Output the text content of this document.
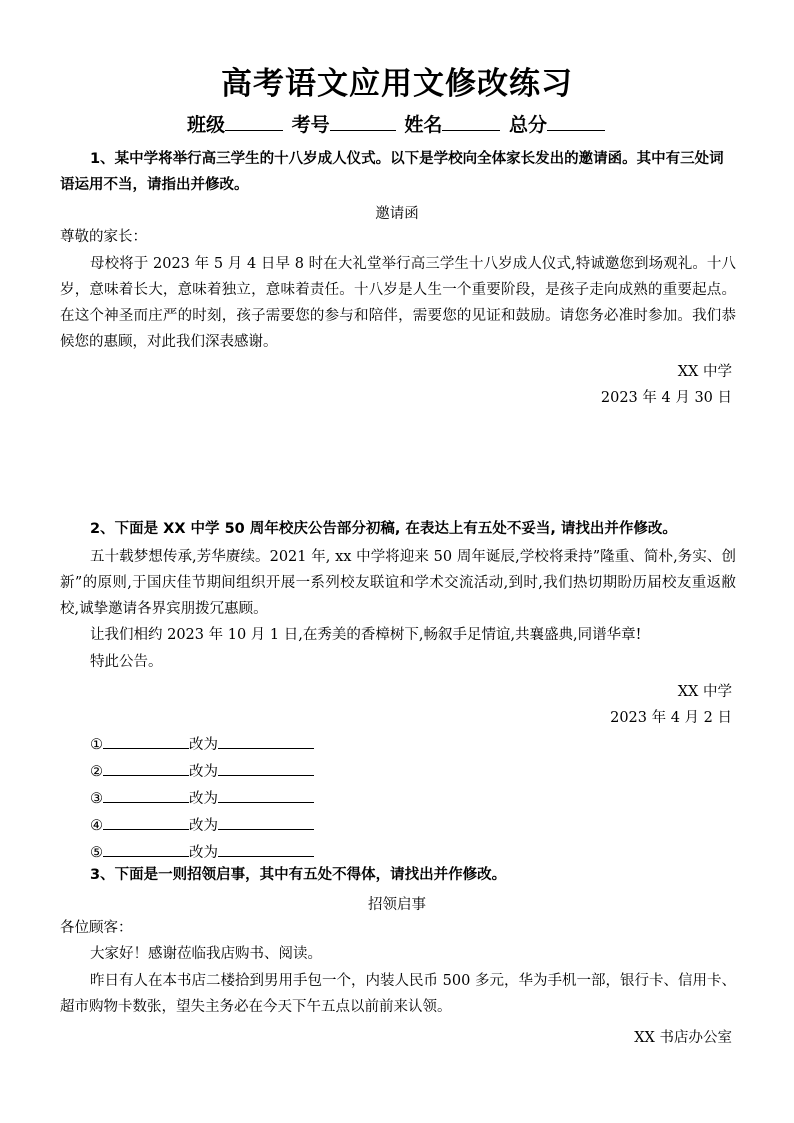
高考语文应用文修改练习
班级	考号	姓名	总分
1、某中学将举行高三学生的十八岁成人仪式。以下是学校向全体家长发出的邀请函。其中有三处词语运用不当，请指出并修改。
邀请函
尊敬的家长：
母校将于 2023 年 5 月 4 日早 8 时在大礼堂举行高三学生十八岁成人仪式,特诚邀您到场观礼。十八岁，意味着长大，意味着独立，意味着责任。十八岁是人生一个重要阶段，是孩子走向成熟的重要起点。在这个神圣而庄严的时刻，孩子需要您的参与和陪伴，需要您的见证和鼓励。请您务必准时参加。我们恭候您的惠顾，对此我们深表感谢。
XX 中学
2023 年 4 月 30 日
2、下面是 XX 中学 50 周年校庆公告部分初稿, 在表达上有五处不妥当, 请找出并作修改。
五十载梦想传承,芳华赓续。2021 年, xx 中学将迎来 50 周年诞辰,学校将秉持”隆重、简朴,务实、创新”的原则,于国庆佳节期间组织开展一系列校友联谊和学术交流活动,到时,我们热切期盼历届校友重返敝校,诚挚邀请各界宾朋拨冗惠顾。
让我们相约 2023 年 10 月 1 日,在秀美的香樟树下,畅叙手足情谊,共襄盛典,同谱华章!
特此公告。
XX 中学
2023 年 4 月 2 日
①	改为
②	改为
③	改为
④	改为
⑤	改为
3、下面是一则招领启事，其中有五处不得体，请找出并作修改。
招领启事
各位顾客：
大家好！感谢莅临我店购书、阅读。
昨日有人在本书店二楼拾到男用手包一个，内装人民币 500 多元，华为手机一部，银行卡、信用卡、超市购物卡数张，望失主务必在今天下午五点以前前来认领。
XX 书店办公室
